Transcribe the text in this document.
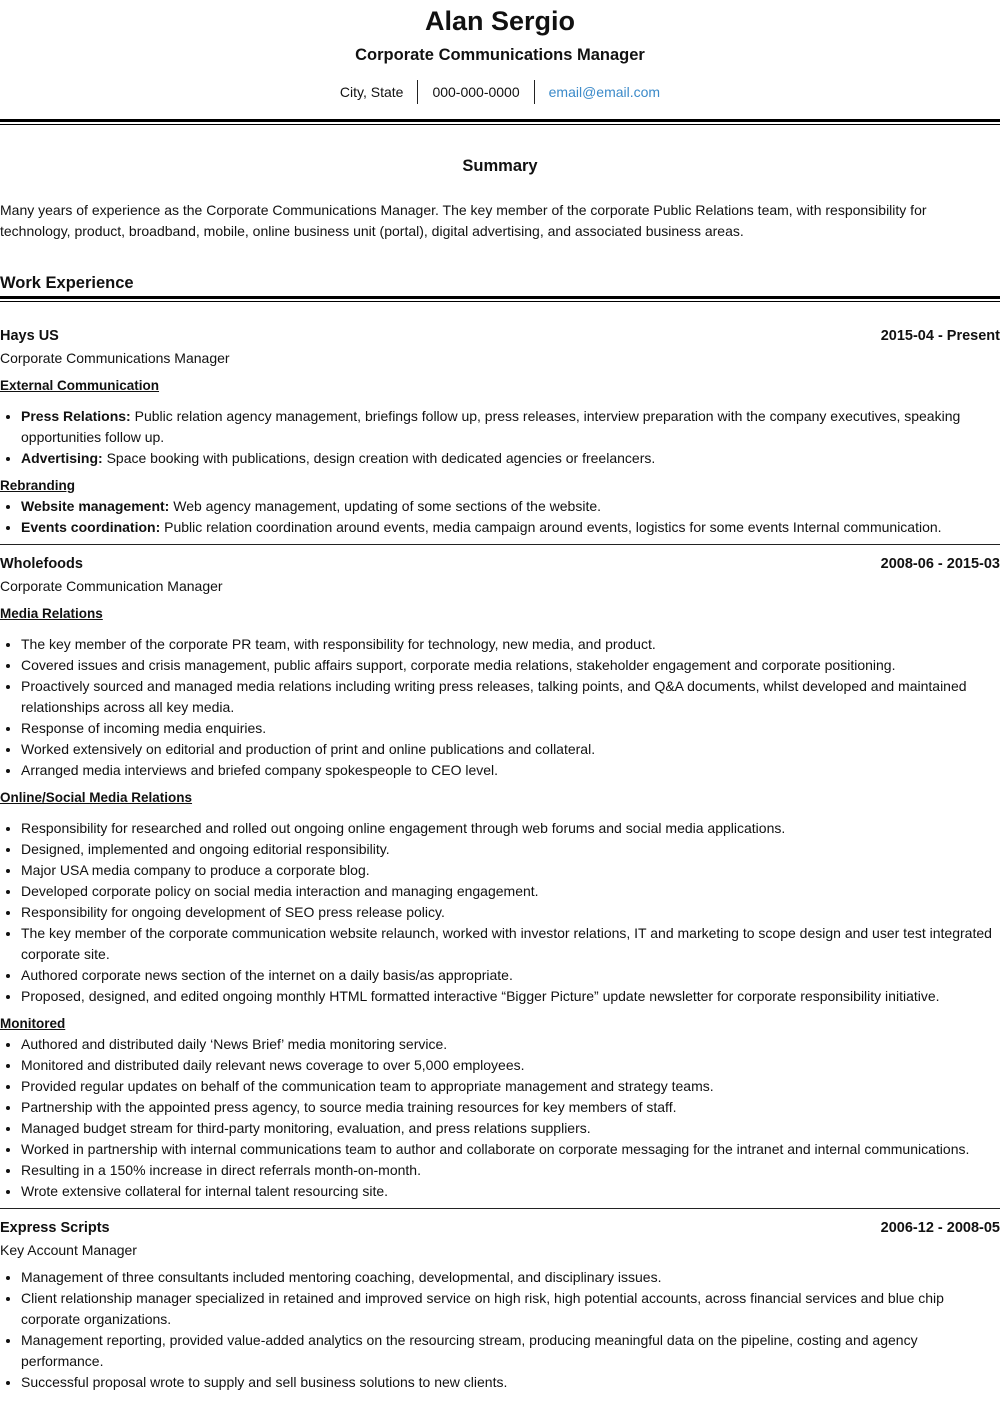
Alan Sergio
Corporate Communications Manager
City, State	000-000-0000	email@email.com
Summary
Many years of experience as the Corporate Communications Manager. The key member of the corporate Public Relations team, with responsibility for technology, product, broadband, mobile, online business unit (portal), digital advertising, and associated business areas.
Work Experience
Hays US	2015-04 - Present
Corporate Communications Manager
External Communication
• Press Relations: Public relation agency management, briefings follow up, press releases, interview preparation with the company executives, speaking opportunities follow up.
• Advertising: Space booking with publications, design creation with dedicated agencies or freelancers.
Rebranding
• Website management: Web agency management, updating of some sections of the website.
• Events coordination: Public relation coordination around events, media campaign around events, logistics for some events Internal communication.
Wholefoods	2008-06 - 2015-03
Corporate Communication Manager
Media Relations
• The key member of the corporate PR team, with responsibility for technology, new media, and product.
• Covered issues and crisis management, public affairs support, corporate media relations, stakeholder engagement and corporate positioning.
• Proactively sourced and managed media relations including writing press releases, talking points, and Q&A documents, whilst developed and maintained relationships across all key media.
• Response of incoming media enquiries.
• Worked extensively on editorial and production of print and online publications and collateral.
• Arranged media interviews and briefed company spokespeople to CEO level.
Online/Social Media Relations
• Responsibility for researched and rolled out ongoing online engagement through web forums and social media applications.
• Designed, implemented and ongoing editorial responsibility.
• Major USA media company to produce a corporate blog.
• Developed corporate policy on social media interaction and managing engagement.
• Responsibility for ongoing development of SEO press release policy.
• The key member of the corporate communication website relaunch, worked with investor relations, IT and marketing to scope design and user test integrated corporate site.
• Authored corporate news section of the internet on a daily basis/as appropriate.
• Proposed, designed, and edited ongoing monthly HTML formatted interactive “Bigger Picture” update newsletter for corporate responsibility initiative.
Monitored
• Authored and distributed daily ‘News Brief’ media monitoring service.
• Monitored and distributed daily relevant news coverage to over 5,000 employees.
• Provided regular updates on behalf of the communication team to appropriate management and strategy teams.
• Partnership with the appointed press agency, to source media training resources for key members of staff.
• Managed budget stream for third-party monitoring, evaluation, and press relations suppliers.
• Worked in partnership with internal communications team to author and collaborate on corporate messaging for the intranet and internal communications.
• Resulting in a 150% increase in direct referrals month-on-month.
• Wrote extensive collateral for internal talent resourcing site.
Express Scripts	2006-12 - 2008-05
Key Account Manager
• Management of three consultants included mentoring coaching, developmental, and disciplinary issues.
• Client relationship manager specialized in retained and improved service on high risk, high potential accounts, across financial services and blue chip corporate organizations.
• Management reporting, provided value-added analytics on the resourcing stream, producing meaningful data on the pipeline, costing and agency performance.
• Successful proposal wrote to supply and sell business solutions to new clients.
